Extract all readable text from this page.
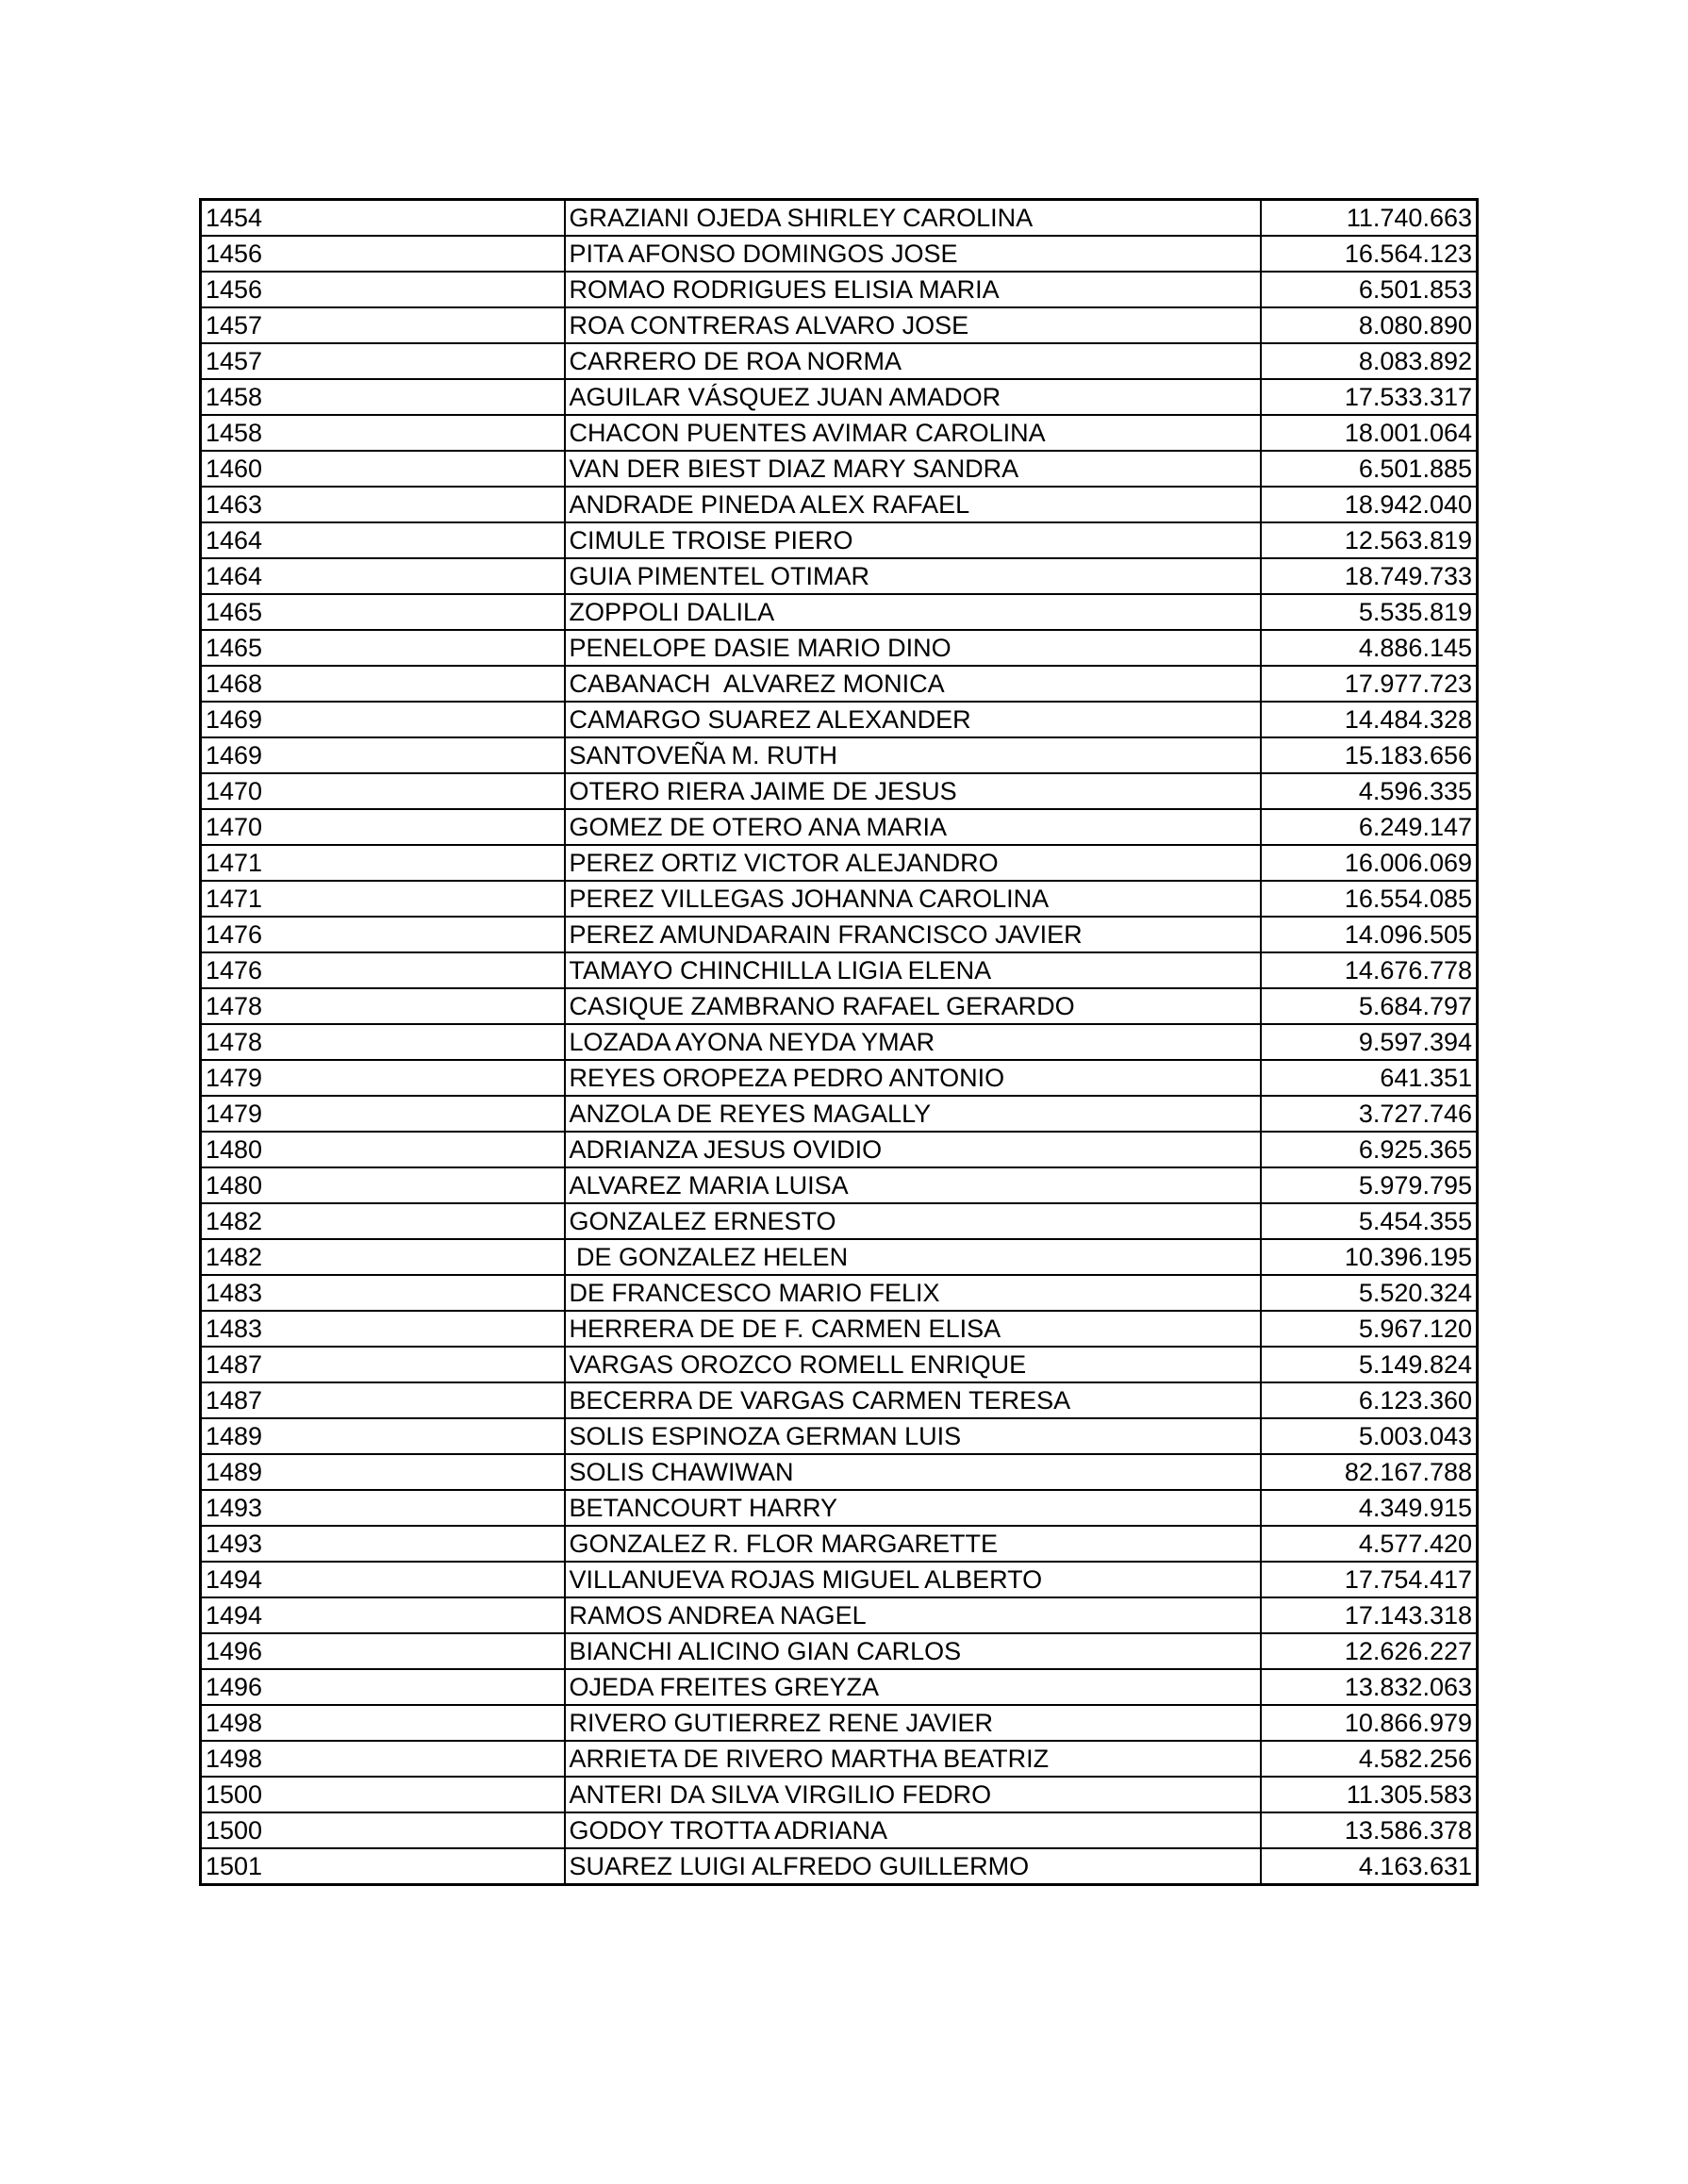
1454	GRAZIANI OJEDA SHIRLEY CAROLINA	11.740.663
1456	PITA AFONSO DOMINGOS JOSE	16.564.123
1456	ROMAO RODRIGUES ELISIA MARIA	6.501.853
1457	ROA CONTRERAS ALVARO JOSE	8.080.890
1457	CARRERO DE ROA NORMA	8.083.892
1458	AGUILAR VÁSQUEZ JUAN AMADOR	17.533.317
1458	CHACON PUENTES AVIMAR CAROLINA	18.001.064
1460	VAN DER BIEST DIAZ MARY SANDRA	6.501.885
1463	ANDRADE PINEDA ALEX RAFAEL	18.942.040
1464	CIMULE TROISE PIERO	12.563.819
1464	GUIA PIMENTEL OTIMAR	18.749.733
1465	ZOPPOLI DALILA	5.535.819
1465	PENELOPE DASIE MARIO DINO	4.886.145
1468	CABANACH  ALVAREZ MONICA	17.977.723
1469	CAMARGO SUAREZ ALEXANDER	14.484.328
1469	SANTOVEÑA M. RUTH	15.183.656
1470	OTERO RIERA JAIME DE JESUS	4.596.335
1470	GOMEZ DE OTERO ANA MARIA	6.249.147
1471	PEREZ ORTIZ VICTOR ALEJANDRO	16.006.069
1471	PEREZ VILLEGAS JOHANNA CAROLINA	16.554.085
1476	PEREZ AMUNDARAIN FRANCISCO JAVIER	14.096.505
1476	TAMAYO CHINCHILLA LIGIA ELENA	14.676.778
1478	CASIQUE ZAMBRANO RAFAEL GERARDO	5.684.797
1478	LOZADA AYONA NEYDA YMAR	9.597.394
1479	REYES OROPEZA PEDRO ANTONIO	641.351
1479	ANZOLA DE REYES MAGALLY	3.727.746
1480	ADRIANZA JESUS OVIDIO	6.925.365
1480	ALVAREZ MARIA LUISA	5.979.795
1482	GONZALEZ ERNESTO	5.454.355
1482	DE GONZALEZ HELEN	10.396.195
1483	DE FRANCESCO MARIO FELIX	5.520.324
1483	HERRERA DE DE F. CARMEN ELISA	5.967.120
1487	VARGAS OROZCO ROMELL ENRIQUE	5.149.824
1487	BECERRA DE VARGAS CARMEN TERESA	6.123.360
1489	SOLIS ESPINOZA GERMAN LUIS	5.003.043
1489	SOLIS CHAWIWAN	82.167.788
1493	BETANCOURT HARRY	4.349.915
1493	GONZALEZ R. FLOR MARGARETTE	4.577.420
1494	VILLANUEVA ROJAS MIGUEL ALBERTO	17.754.417
1494	RAMOS ANDREA NAGEL	17.143.318
1496	BIANCHI ALICINO GIAN CARLOS	12.626.227
1496	OJEDA FREITES GREYZA	13.832.063
1498	RIVERO GUTIERREZ RENE JAVIER	10.866.979
1498	ARRIETA DE RIVERO MARTHA BEATRIZ	4.582.256
1500	ANTERI DA SILVA VIRGILIO FEDRO	11.305.583
1500	GODOY TROTTA ADRIANA	13.586.378
1501	SUAREZ LUIGI ALFREDO GUILLERMO	4.163.631
